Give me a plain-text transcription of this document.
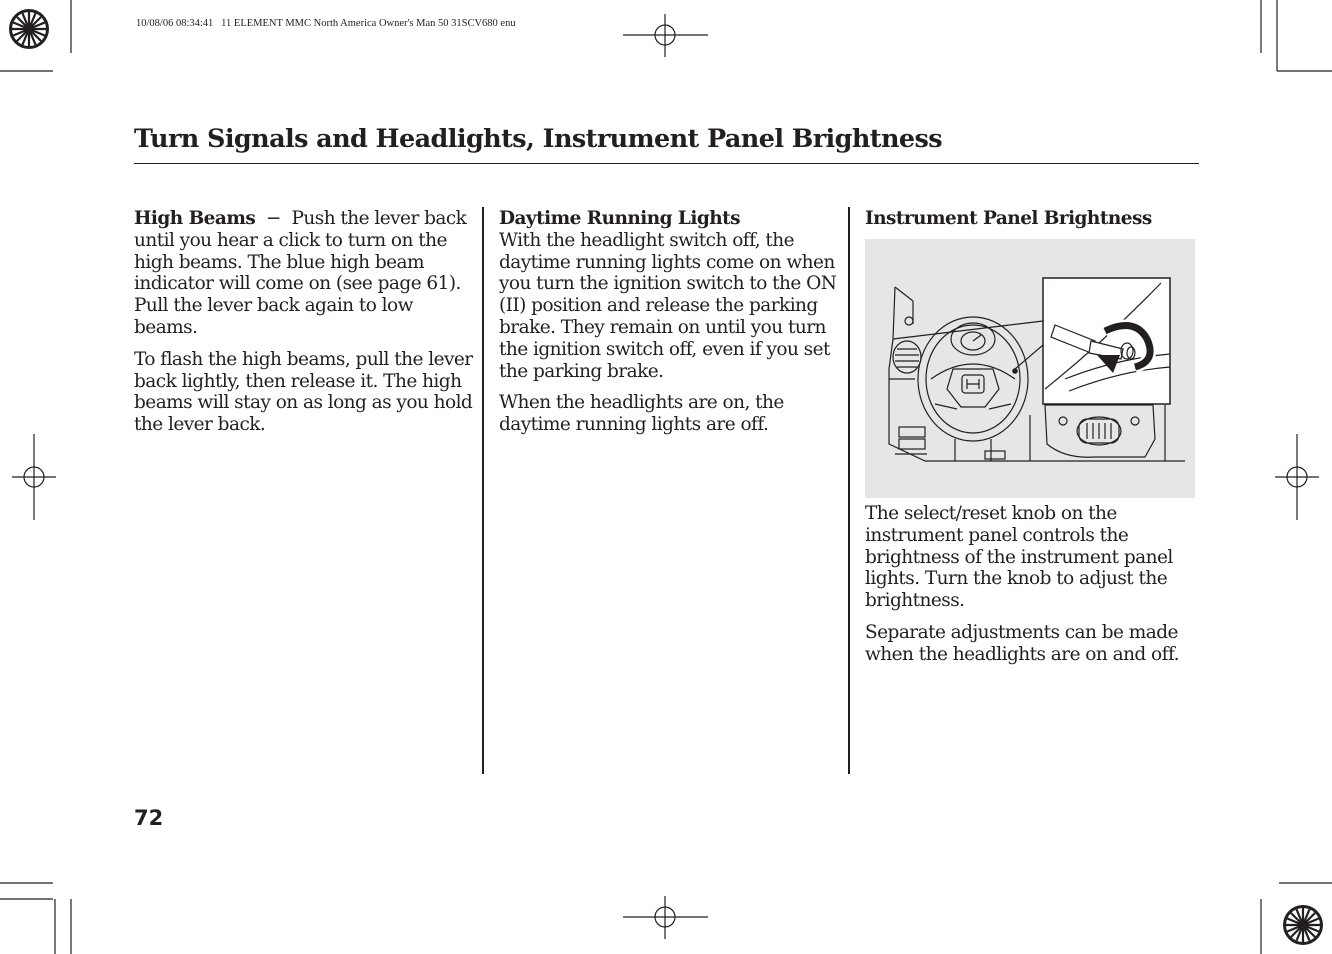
10/08/06 08:34:41   11 ELEMENT MMC North America Owner's Man 50 31SCV680 enu
Turn Signals and Headlights, Instrument Panel Brightness

High Beams − Push the lever back until you hear a click to turn on the high beams. The blue high beam indicator will come on (see page 61). Pull the lever back again to low beams.

To flash the high beams, pull the lever back lightly, then release it. The high beams will stay on as long as you hold the lever back.

Daytime Running Lights

With the headlight switch off, the daytime running lights come on when you turn the ignition switch to the ON (II) position and release the parking brake. They remain on until you turn the ignition switch off, even if you set the parking brake.

When the headlights are on, the daytime running lights are off.

Instrument Panel Brightness

The select/reset knob on the instrument panel controls the brightness of the instrument panel lights. Turn the knob to adjust the brightness.

Separate adjustments can be made when the headlights are on and off.

72
